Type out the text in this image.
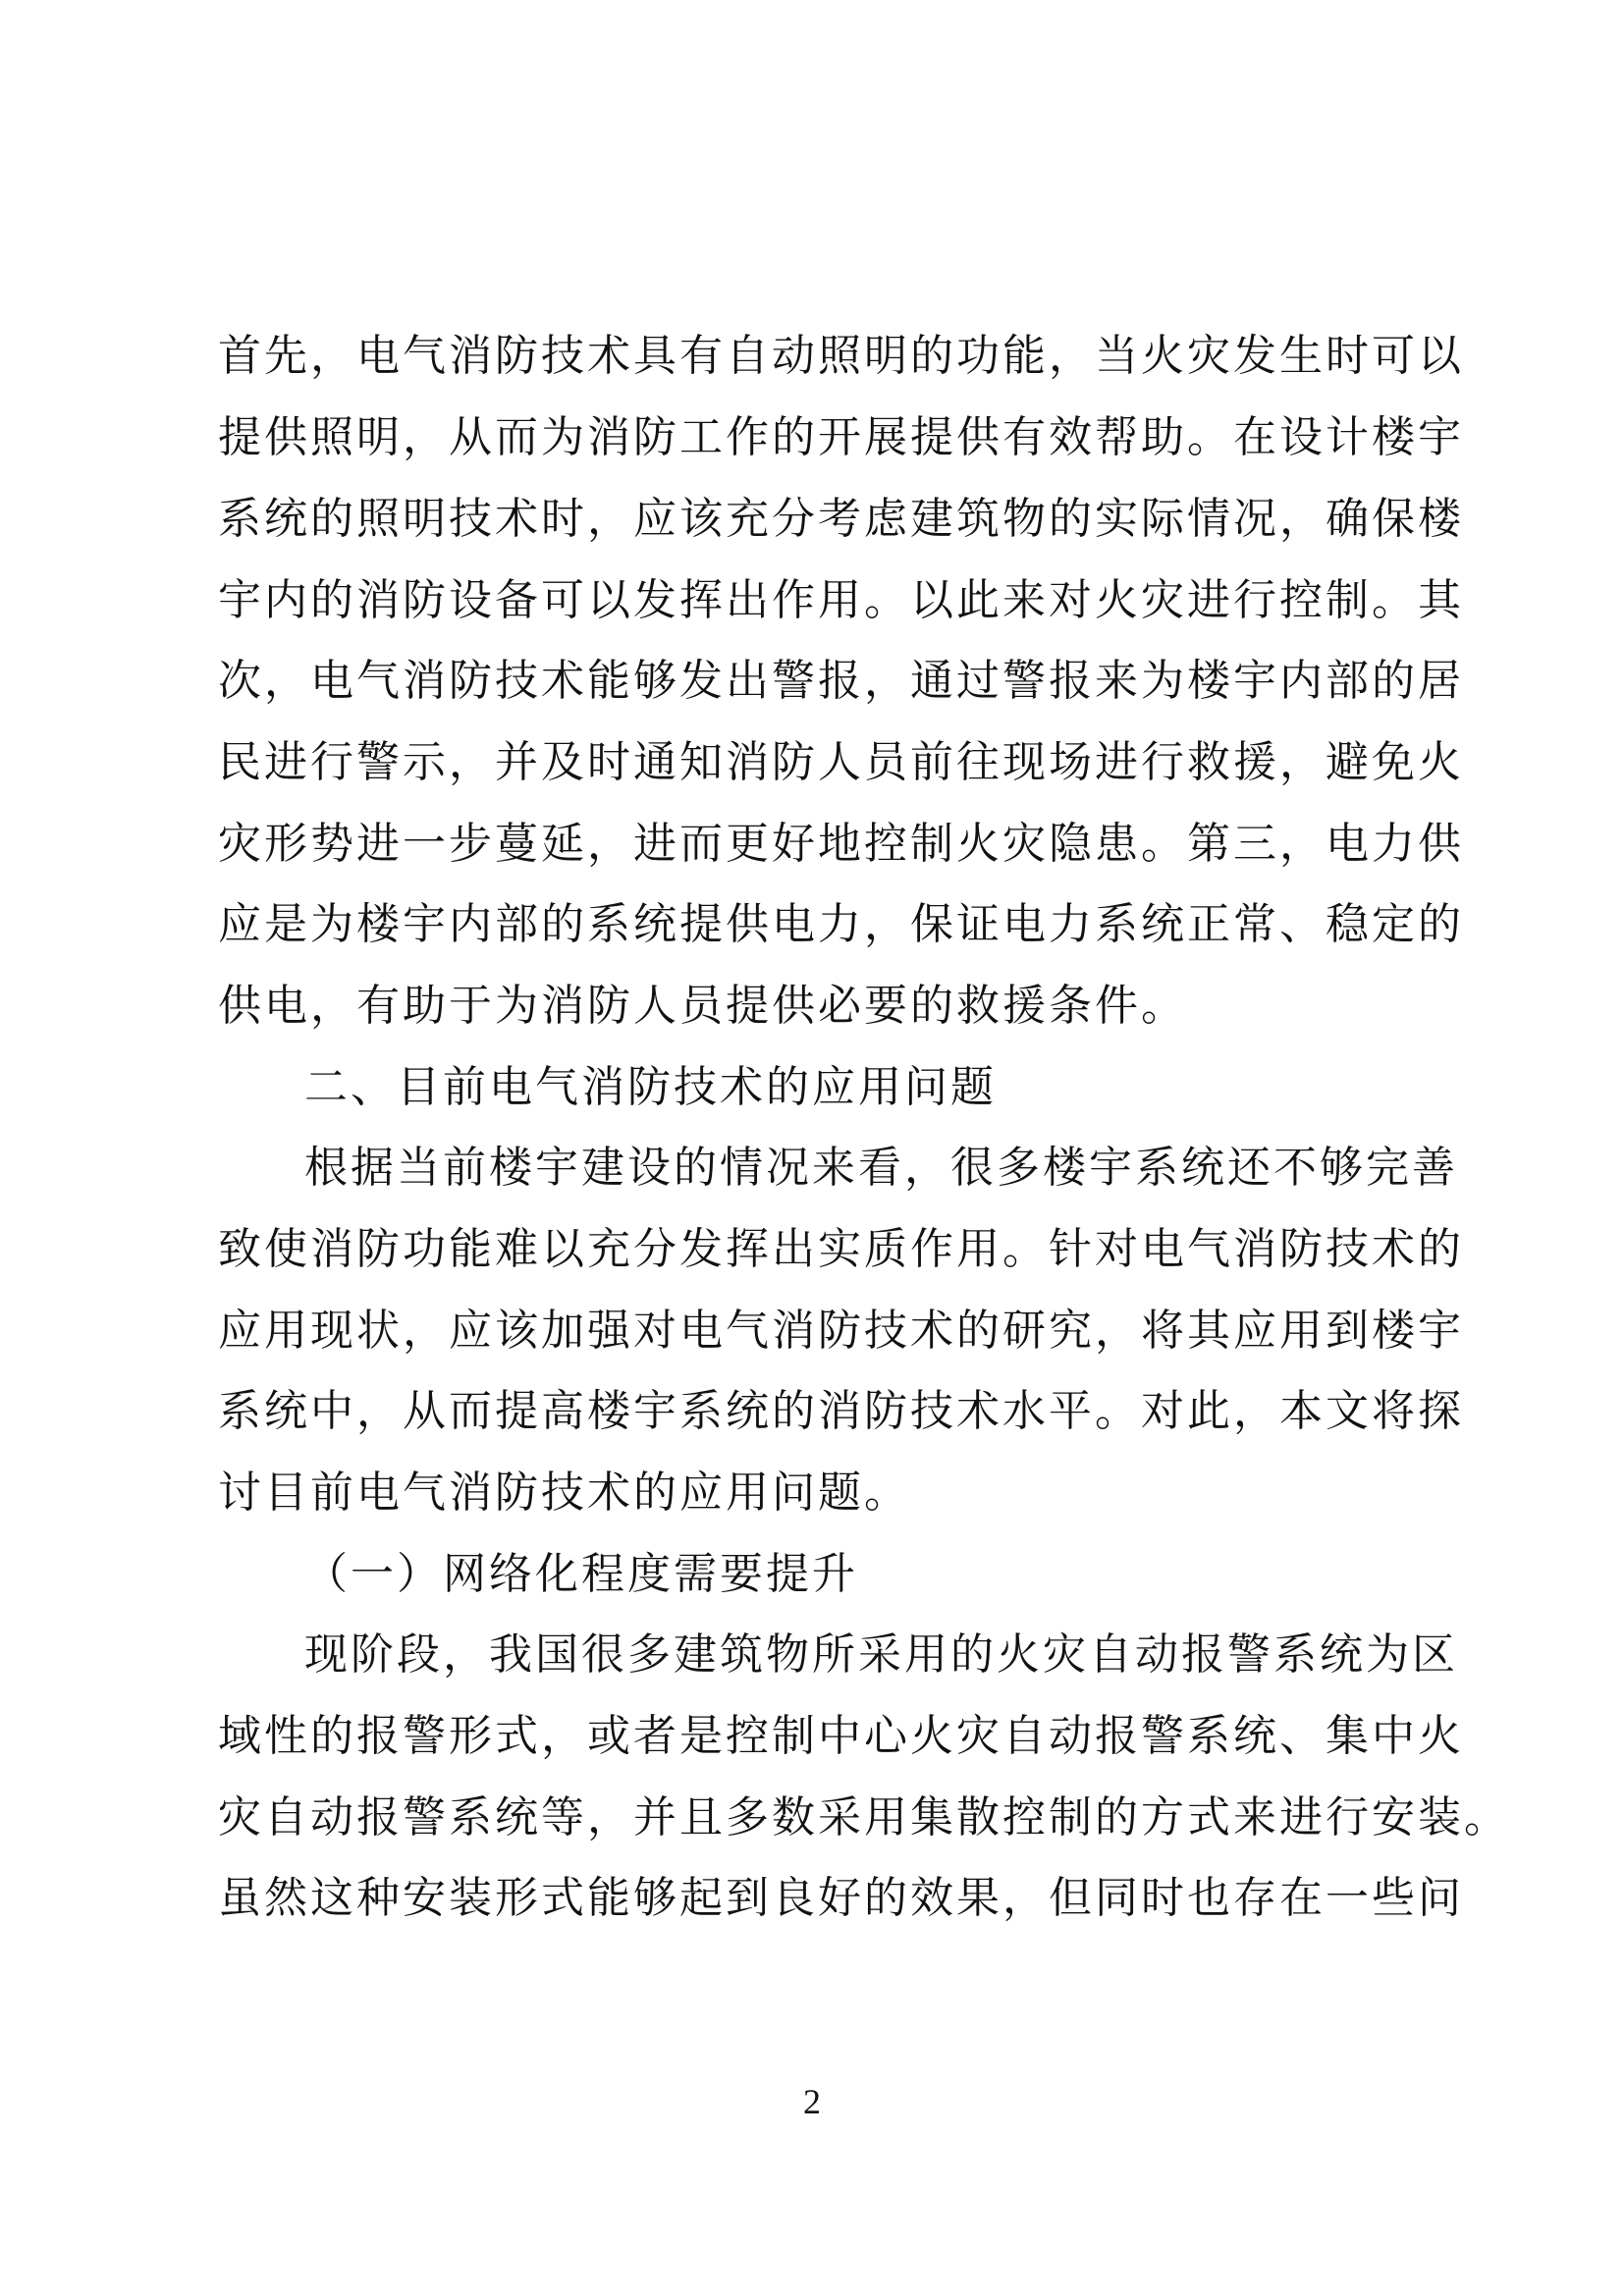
首先，电气消防技术具有自动照明的功能，当火灾发生时可以
提供照明，从而为消防工作的开展提供有效帮助。在设计楼宇
系统的照明技术时，应该充分考虑建筑物的实际情况，确保楼
宇内的消防设备可以发挥出作用。以此来对火灾进行控制。其
次，电气消防技术能够发出警报，通过警报来为楼宇内部的居
民进行警示，并及时通知消防人员前往现场进行救援，避免火
灾形势进一步蔓延，进而更好地控制火灾隐患。第三，电力供
应是为楼宇内部的系统提供电力，保证电力系统正常、稳定的
供电，有助于为消防人员提供必要的救援条件。
二、目前电气消防技术的应用问题
根据当前楼宇建设的情况来看，很多楼宇系统还不够完善
致使消防功能难以充分发挥出实质作用。针对电气消防技术的
应用现状，应该加强对电气消防技术的研究，将其应用到楼宇
系统中，从而提高楼宇系统的消防技术水平。对此，本文将探
讨目前电气消防技术的应用问题。
（一）网络化程度需要提升
现阶段，我国很多建筑物所采用的火灾自动报警系统为区
域性的报警形式，或者是控制中心火灾自动报警系统、集中火
灾自动报警系统等，并且多数采用集散控制的方式来进行安装。
虽然这种安装形式能够起到良好的效果，但同时也存在一些问
2
